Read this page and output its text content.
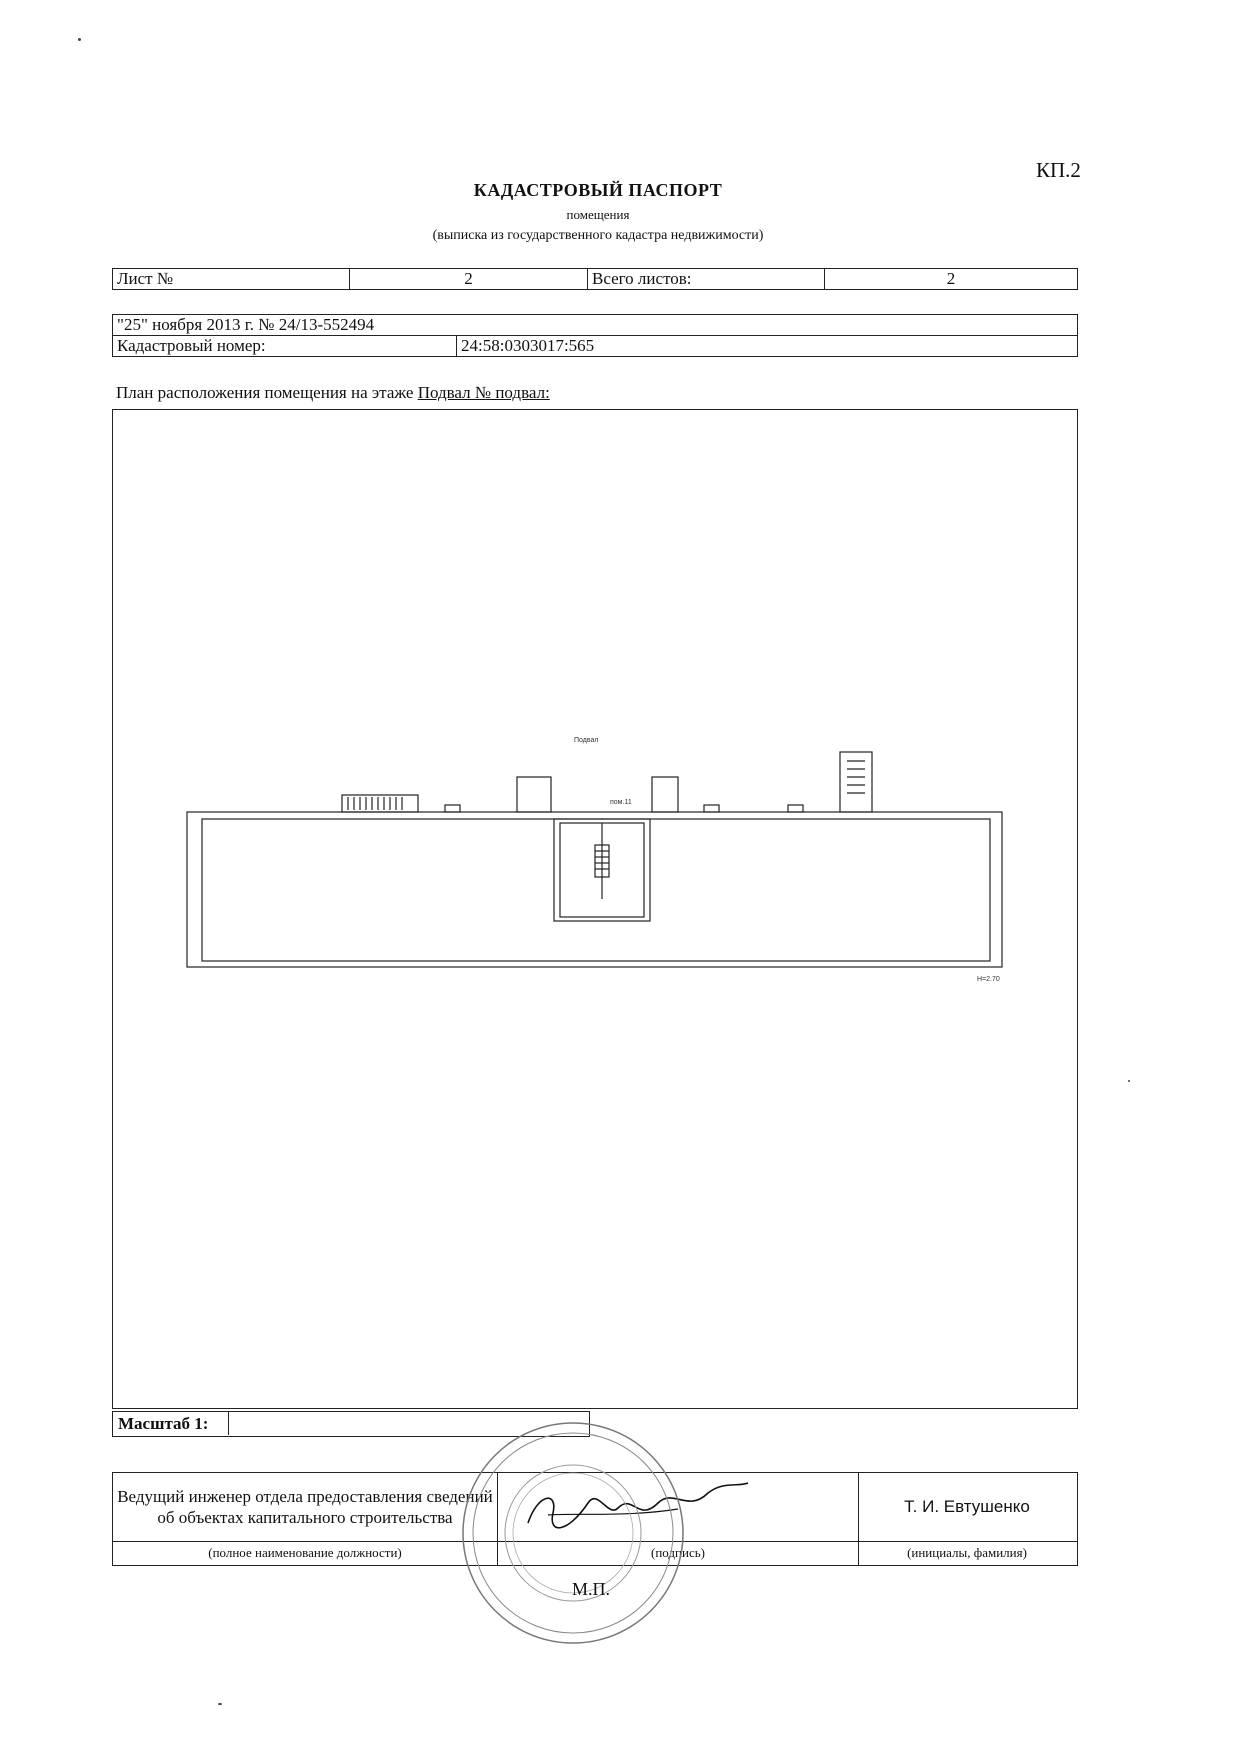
КП.2
КАДАСТРОВЫЙ ПАСПОРТ
помещения
(выписка из государственного кадастра недвижимости)
Лист №	2	Всего листов:	2
"25" ноября 2013 г. № 24/13-552494
Кадастровый номер:	24:58:0303017:565
План расположения помещения на этаже Подвал № подвал:
Подвал
пом.11
H=2.70
Масштаб 1:
Ведущий инженер отдела предоставления сведений об объектах капитального строительства
Т. И. Евтушенко
(полное наименование должности)	(подпись)	(инициалы, фамилия)
М.П.
